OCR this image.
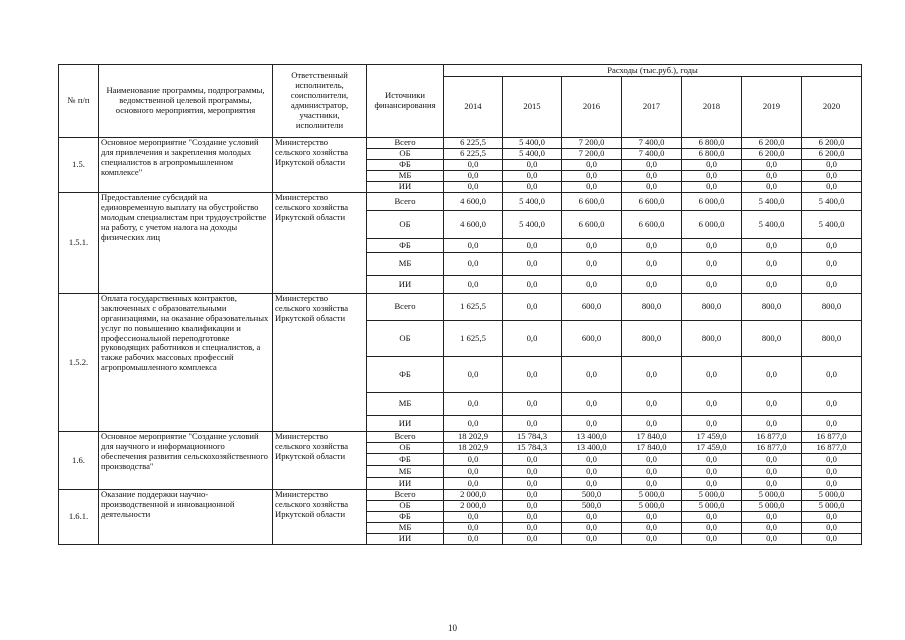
№ п/п	Наименование программы, подпрограммы, ведомственной целевой программы, основного мероприятия, мероприятия	Ответственный исполнитель, соисполнители, администратор, участники, исполнители	Источники финансирования	Расходы (тыс.руб.), годы						
				2014	2015	2016	2017	2018	2019	2020
1.5.	Основное мероприятие "Создание условий для привлечения и закрепления молодых специалистов в агропромышленном комплексе"	Министерство сельского хозяйства Иркутской области	Всего	6 225,5	5 400,0	7 200,0	7 400,0	6 800,0	6 200,0	6 200,0
			ОБ	6 225,5	5 400,0	7 200,0	7 400,0	6 800,0	6 200,0	6 200,0
			ФБ	0,0	0,0	0,0	0,0	0,0	0,0	0,0
			МБ	0,0	0,0	0,0	0,0	0,0	0,0	0,0
			ИИ	0,0	0,0	0,0	0,0	0,0	0,0	0,0
1.5.1.	Предоставление субсидий на единовременную выплату на обустройство молодым специалистам при трудоустройстве на работу, с учетом налога на доходы физических лиц	Министерство сельского хозяйства Иркутской области	Всего	4 600,0	5 400,0	6 600,0	6 600,0	6 000,0	5 400,0	5 400,0
			ОБ	4 600,0	5 400,0	6 600,0	6 600,0	6 000,0	5 400,0	5 400,0
			ФБ	0,0	0,0	0,0	0,0	0,0	0,0	0,0
			МБ	0,0	0,0	0,0	0,0	0,0	0,0	0,0
			ИИ	0,0	0,0	0,0	0,0	0,0	0,0	0,0
1.5.2.	Оплата государственных контрактов, заключенных с образовательными организациями, на оказание образовательных услуг по повышению квалификации и профессиональной переподготовке руководящих работников и специалистов, а также рабочих массовых профессий агропромышленного комплекса	Министерство сельского хозяйства Иркутской области	Всего	1 625,5	0,0	600,0	800,0	800,0	800,0	800,0
			ОБ	1 625,5	0,0	600,0	800,0	800,0	800,0	800,0
			ФБ	0,0	0,0	0,0	0,0	0,0	0,0	0,0
			МБ	0,0	0,0	0,0	0,0	0,0	0,0	0,0
			ИИ	0,0	0,0	0,0	0,0	0,0	0,0	0,0
1.6.	Основное мероприятие "Создание условий для научного и информационного обеспечения развития сельскохозяйственного производства"	Министерство сельского хозяйства Иркутской области	Всего	18 202,9	15 784,3	13 400,0	17 840,0	17 459,0	16 877,0	16 877,0
			ОБ	18 202,9	15 784,3	13 400,0	17 840,0	17 459,0	16 877,0	16 877,0
			ФБ	0,0	0,0	0,0	0,0	0,0	0,0	0,0
			МБ	0,0	0,0	0,0	0,0	0,0	0,0	0,0
			ИИ	0,0	0,0	0,0	0,0	0,0	0,0	0,0
1.6.1.	Оказание поддержки научно-производственной и инновационной деятельности	Министерство сельского хозяйства Иркутской области	Всего	2 000,0	0,0	500,0	5 000,0	5 000,0	5 000,0	5 000,0
			ОБ	2 000,0	0,0	500,0	5 000,0	5 000,0	5 000,0	5 000,0
			ФБ	0,0	0,0	0,0	0,0	0,0	0,0	0,0
			МБ	0,0	0,0	0,0	0,0	0,0	0,0	0,0
			ИИ	0,0	0,0	0,0	0,0	0,0	0,0	0,0
10
